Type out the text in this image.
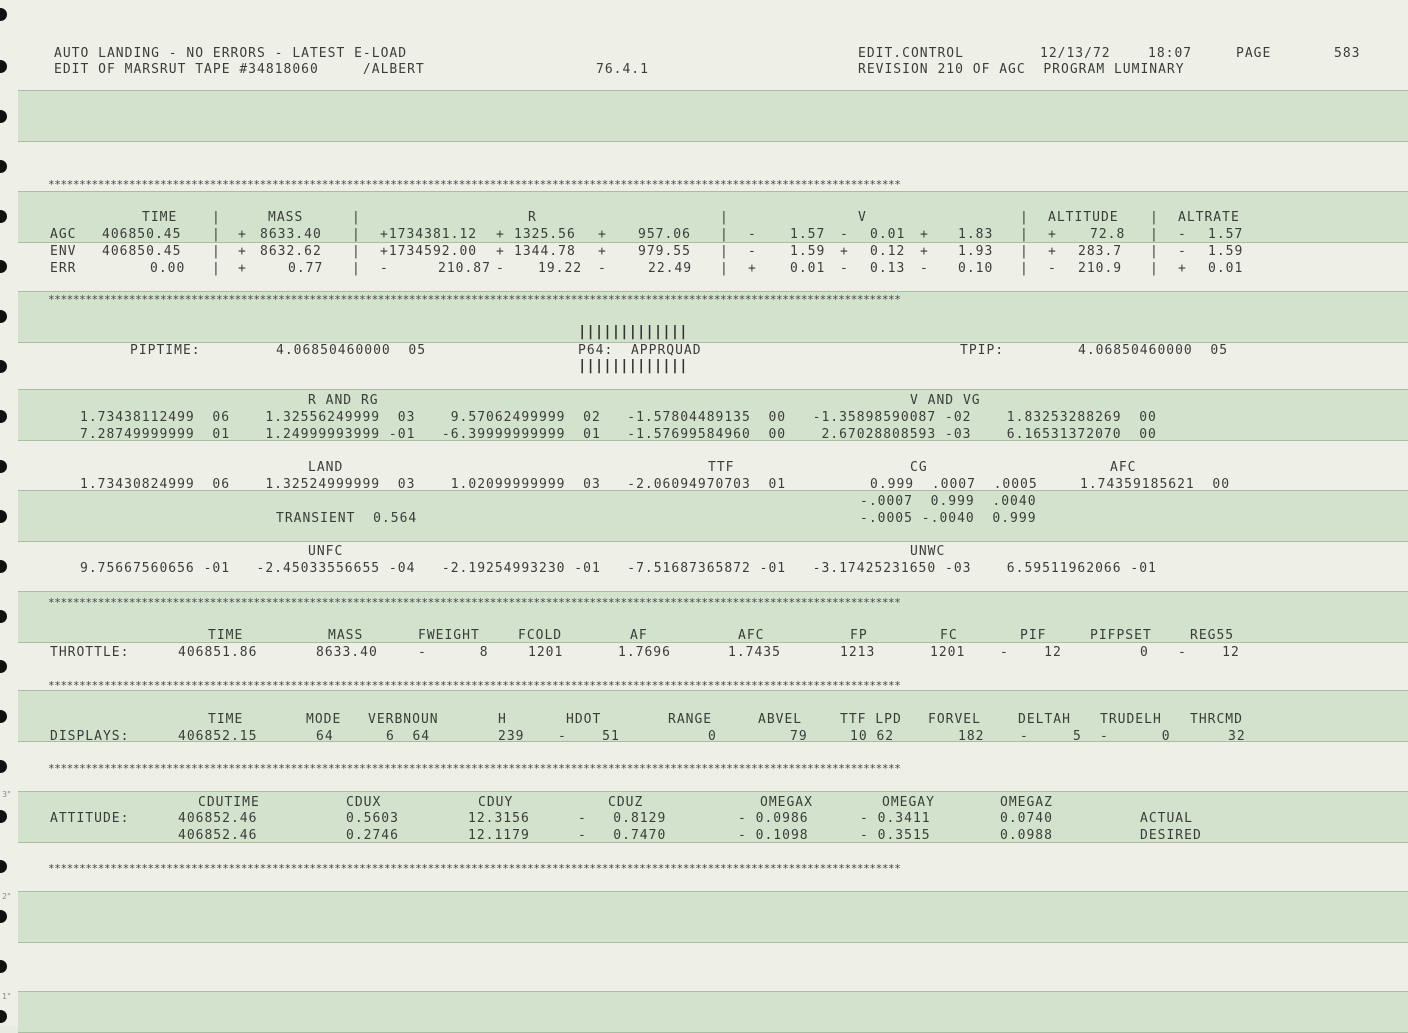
3"
2"
1"
AUTO LANDING - NO ERRORS - LATEST E-LOAD
EDIT OF MARSRUT TAPE #34818060     /ALBERT	76.4.1
EDIT.CONTROL	12/13/72	18:07	PAGE	583
REVISION 210 OF AGC  PROGRAM LUMINARY
*****************************************************************************************************************************************
*****************************************************************************************************************************************
*****************************************************************************************************************************************
*****************************************************************************************************************************************
*****************************************************************************************************************************************
*****************************************************************************************************************************************
TIME	MASS	R	V	ALTITUDE	ALTRATE
|	|	|	|	|
AGC 406850.45 | + 8633.40 | +1734381.12 + 1325.56 + 957.06 | -	1.57 - 0.01 + 1.83 | +	72.8 | - 1.57
ENV 406850.45 | + 8632.62 | +1734592.00 + 1344.78 + 979.55 | -	1.59 + 0.12 + 1.93 | + 283.7 | - 1.59
ERR	0.00 | +	0.77 | -	210.87 -	19.22 -	22.49 | +	0.01 - 0.13 - 0.10 | - 210.9 | + 0.01
|||||||||||||
PIPTIME:	4.06850460000  05	P64:  APPRQUAD	TPIP:	4.06850460000  05
|||||||||||||
R AND RG	V AND VG
1.73438112499  06    1.32556249999  03    9.57062499999  02   -1.57804489135  00   -1.35898590087 -02    1.83253288269  00
7.28749999999  01    1.24999993999 -01   -6.39999999999  01   -1.57699584960  00    2.67028808593 -03    6.16531372070  00
LAND	TTF	CG	AFC
1.73430824999  06    1.32524999999  03    1.02099999999  03   -2.06094970703  01	0.999  .0007  .0005	1.74359185621  00
-.0007  0.999  .0040
TRANSIENT  0.564	-.0005 -.0040  0.999
UNFC	UNWC
9.75667560656 -01   -2.45033556655 -04   -2.19254993230 -01   -7.51687365872 -01   -3.17425231650 -03    6.59511962066 -01
TIME	MASS	FWEIGHT	FCOLD	AF	AFC	FP	FC	PIF	PIFPSET	REG55
THROTTLE:	406851.86	8633.40	-      8	1201	1.7696	1.7435	1213	1201	-    12	0 -    12
TIME	MODE VERBNOUN	H	HDOT	RANGE	ABVEL	TTF LPD FORVEL	DELTAH TRUDELH THRCMD
DISPLAYS:	406852.15	64	6  64	239	-    51	0	79	10 62	182	-     5 -      0	32
CDUTIME	CDUX	CDUY	CDUZ	OMEGAX	OMEGAY	OMEGAZ
ATTITUDE:	406852.46	0.5603	12.3156	-   0.8129	- 0.0986	- 0.3411	0.0740	ACTUAL
406852.46	0.2746	12.1179	-   0.7470	- 0.1098	- 0.3515	0.0988	DESIRED
